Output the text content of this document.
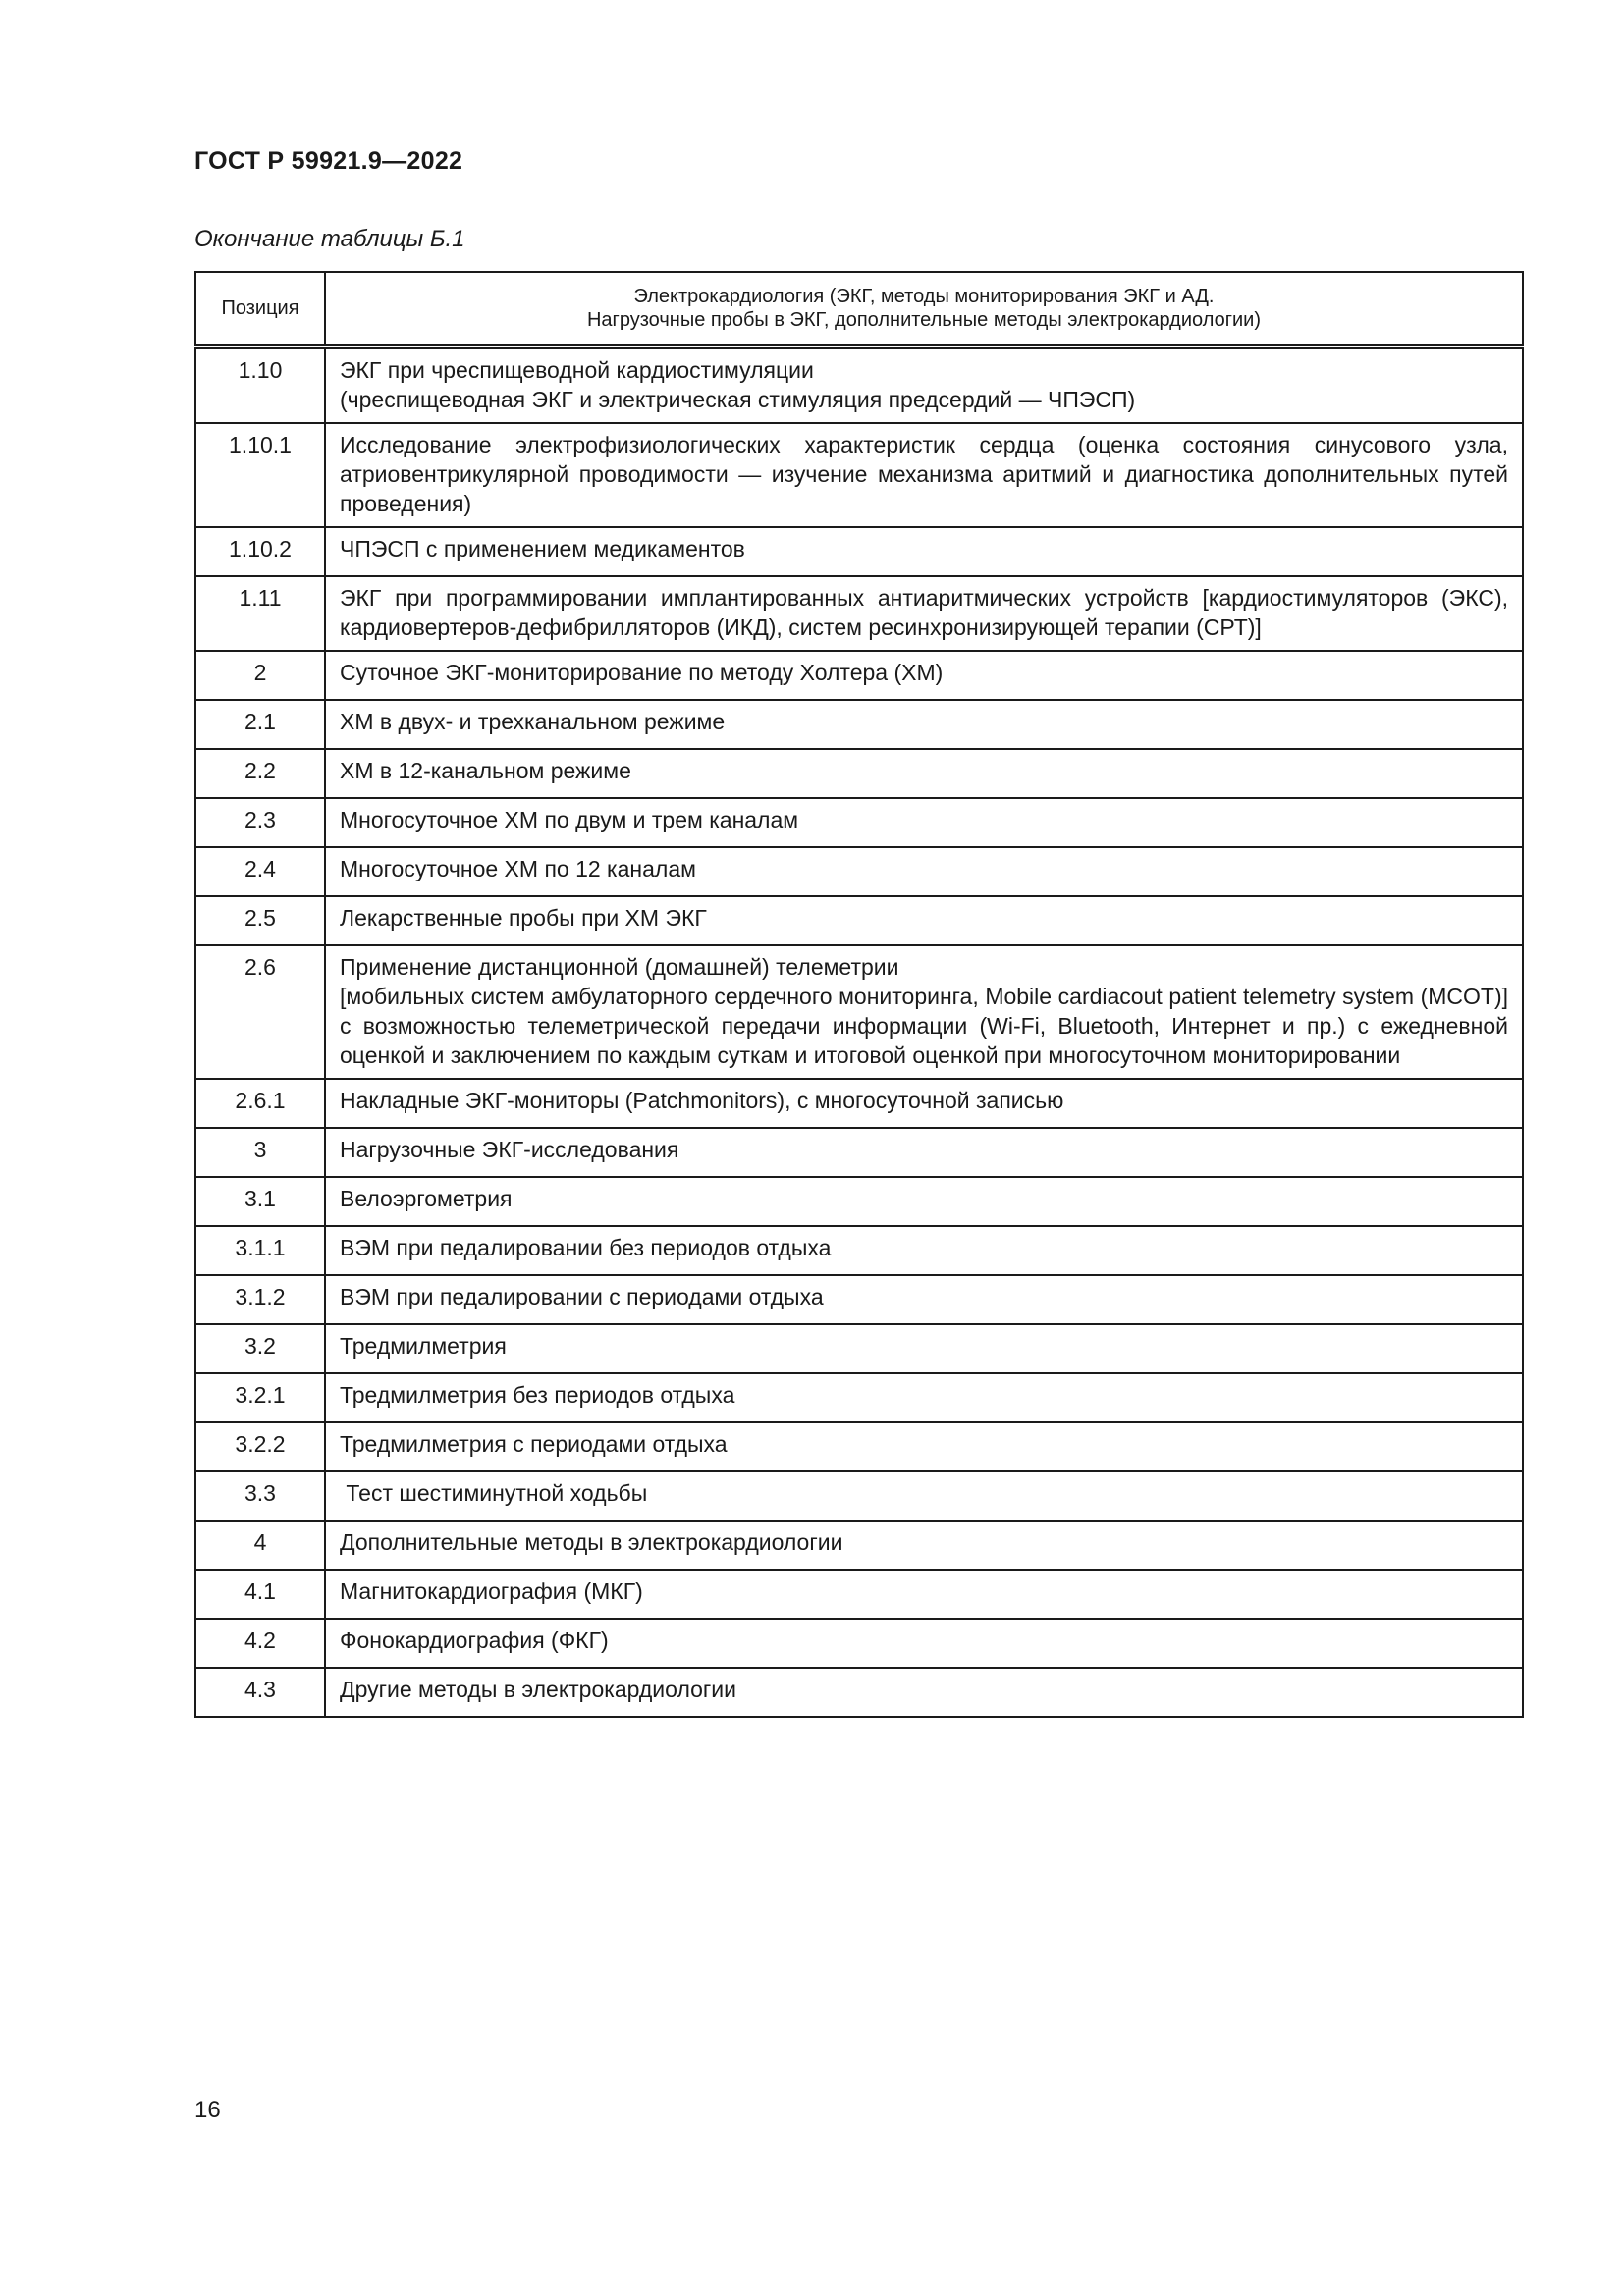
ГОСТ Р 59921.9—2022
Окончание таблицы Б.1
Позиция	Электрокардиология (ЭКГ, методы мониторирования ЭКГ и АД.
Нагрузочные пробы в ЭКГ, дополнительные методы электрокардиологии)

1.10	ЭКГ при чреспищеводной кардиостимуляции
(чреспищеводная ЭКГ и электрическая стимуляция предсердий — ЧПЭСП)

1.10.1	Исследование электрофизиологических характеристик сердца (оценка состояния синусового узла, атриовентрикулярной проводимости — изучение механизма аритмий и диагностика дополнительных путей проведения)
1.10.2	ЧПЭСП с применением медикаментов
1.11	ЭКГ при программировании имплантированных антиаритмических устройств [кардиостимуляторов (ЭКС), кардиовертеров-дефибрилляторов (ИКД), систем ресинхронизирующей терапии (СРТ)]
2	Суточное ЭКГ-мониторирование по методу Холтера (ХМ)
2.1	ХМ в двух- и трехканальном режиме
2.2	ХМ в 12-канальном режиме
2.3	Многосуточное ХМ по двум и трем каналам
2.4	Многосуточное ХМ по 12 каналам
2.5	Лекарственные пробы при ХМ ЭКГ
2.6	Применение дистанционной (домашней) телеметрии
[мобильных систем амбулаторного сердечного мониторинга, Mobile cardiacout patient telemetry system (MCOT)] с возможностью телеметрической передачи информации (Wi-Fi, Bluetooth, Интернет и пр.) с ежедневной оценкой и заключением по каждым суткам и итоговой оценкой при многосуточном мониторировании

2.6.1	Накладные ЭКГ-мониторы (Patchmonitors), с многосуточной записью
3	Нагрузочные ЭКГ-исследования
3.1	Велоэргометрия
3.1.1	ВЭМ при педалировании без периодов отдыха
3.1.2	ВЭМ при педалировании с периодами отдыха
3.2	Тредмилметрия
3.2.1	Тредмилметрия без периодов отдыха
3.2.2	Тредмилметрия с периодами отдыха
3.3	Тест шестиминутной ходьбы
4	Дополнительные методы в электрокардиологии
4.1	Магнитокардиография (МКГ)
4.2	Фонокардиография (ФКГ)
4.3	Другие методы в электрокардиологии
16
